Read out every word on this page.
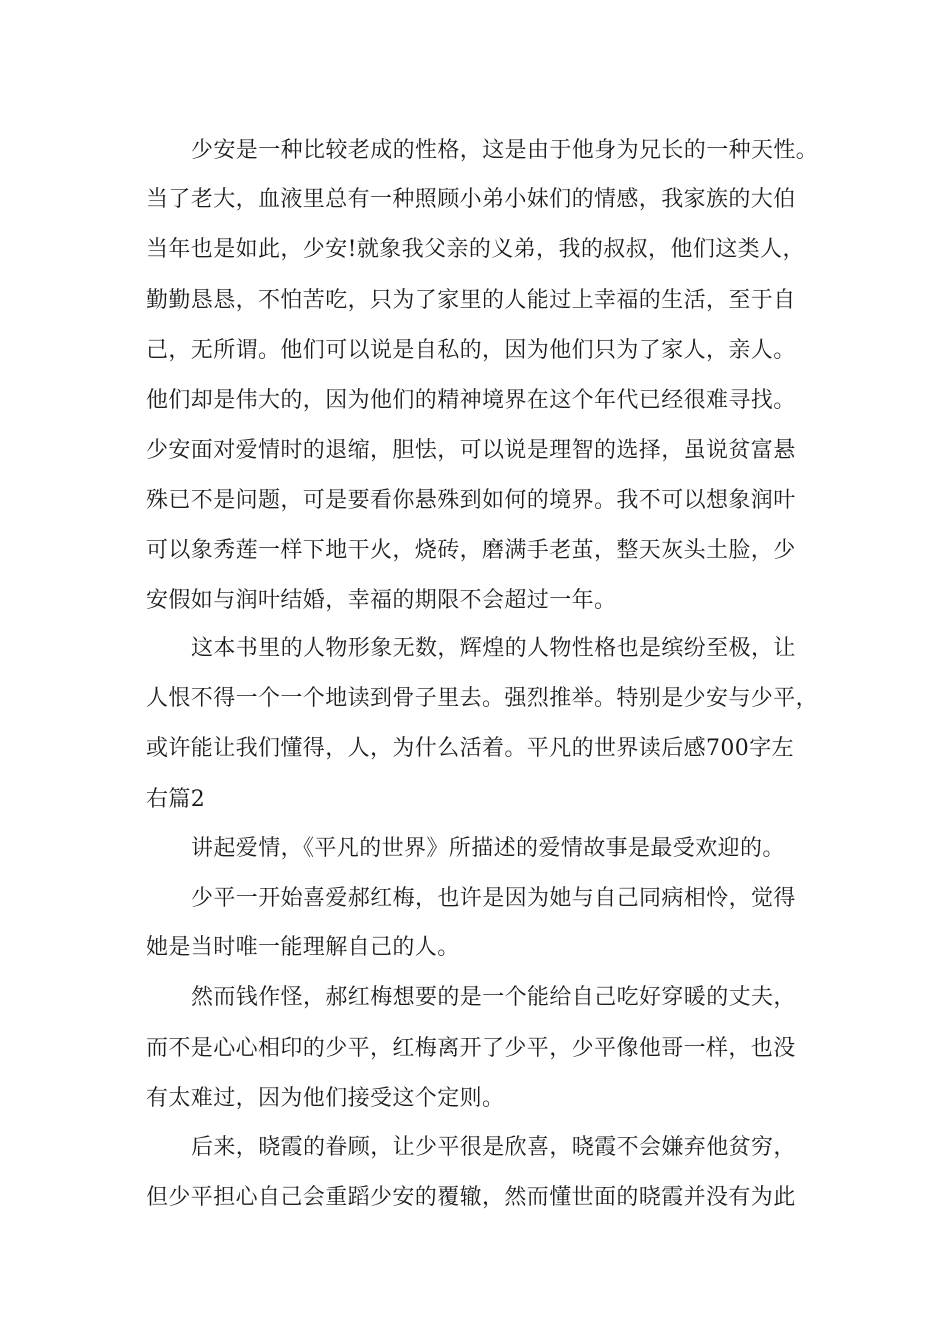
少安是一种比较老成的性格，这是由于他身为兄长的一种天性。
当了老大，血液里总有一种照顾小弟小妹们的情感，我家族的大伯
当年也是如此，少安!就象我父亲的义弟，我的叔叔，他们这类人，
勤勤恳恳，不怕苦吃，只为了家里的人能过上幸福的生活，至于自
己，无所谓。他们可以说是自私的，因为他们只为了家人，亲人。
他们却是伟大的，因为他们的精神境界在这个年代已经很难寻找。
少安面对爱情时的退缩，胆怯，可以说是理智的选择，虽说贫富悬
殊已不是问题，可是要看你悬殊到如何的境界。我不可以想象润叶
可以象秀莲一样下地干火，烧砖，磨满手老茧，整天灰头土脸，少
安假如与润叶结婚，幸福的期限不会超过一年。
这本书里的人物形象无数，辉煌的人物性格也是缤纷至极，让
人恨不得一个一个地读到骨子里去。强烈推举。特别是少安与少平，
或许能让我们懂得，人，为什么活着。平凡的世界读后感700字左
右篇2
讲起爱情，《平凡的世界》所描述的爱情故事是最受欢迎的。
少平一开始喜爱郝红梅，也许是因为她与自己同病相怜，觉得
她是当时唯一能理解自己的人。
然而钱作怪，郝红梅想要的是一个能给自己吃好穿暖的丈夫，
而不是心心相印的少平，红梅离开了少平，少平像他哥一样，也没
有太难过，因为他们接受这个定则。
后来，晓霞的眷顾，让少平很是欣喜，晓霞不会嫌弃他贫穷，
但少平担心自己会重蹈少安的覆辙，然而懂世面的晓霞并没有为此
